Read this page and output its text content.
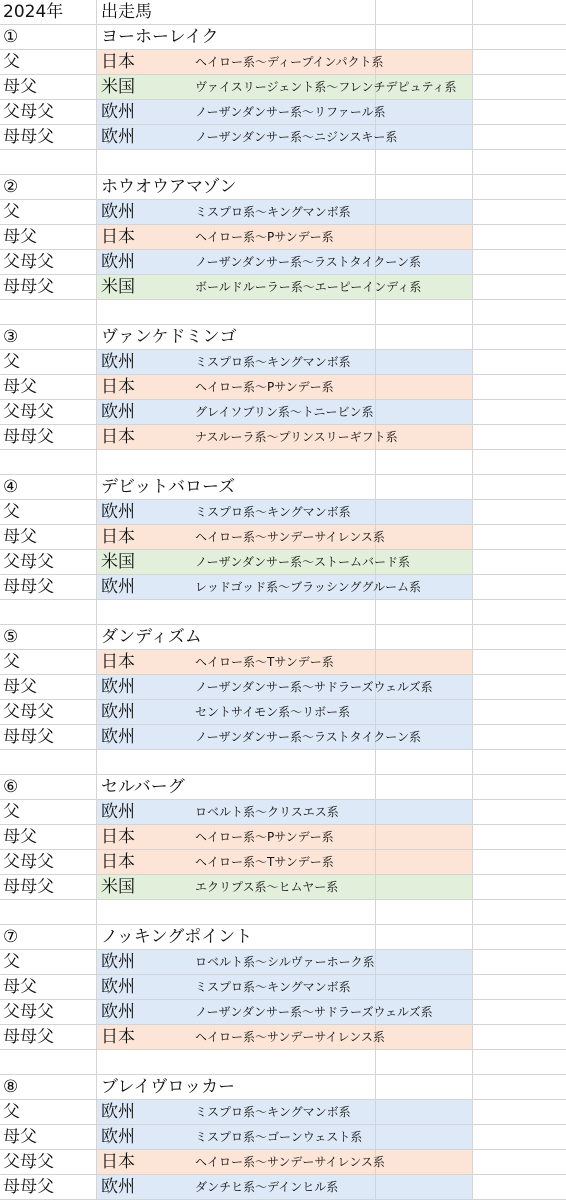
2024年	出走馬
①	ヨーホーレイク
父	日本	ヘイロー系～ディープインパクト系
母父	米国	ヴァイスリージェント系～フレンチデピュティ系
父母父	欧州	ノーザンダンサー系～リファール系
母母父	欧州	ノーザンダンサー系～ニジンスキー系
②	ホウオウアマゾン
父	欧州	ミスプロ系～キングマンボ系
母父	日本	ヘイロー系～Pサンデー系
父母父	欧州	ノーザンダンサー系～ラストタイクーン系
母母父	米国	ボールドルーラー系～エーピーインディ系
③	ヴァンケドミンゴ
父	欧州	ミスプロ系～キングマンボ系
母父	日本	ヘイロー系～Pサンデー系
父母父	欧州	グレイソブリン系～トニービン系
母母父	日本	ナスルーラ系～プリンスリーギフト系
④	デビットバローズ
父	欧州	ミスプロ系～キングマンボ系
母父	日本	ヘイロー系～サンデーサイレンス系
父母父	米国	ノーザンダンサー系～ストームバード系
母母父	欧州	レッドゴッド系～ブラッシンググルーム系
⑤	ダンディズム
父	日本	ヘイロー系～Tサンデー系
母父	欧州	ノーザンダンサー系～サドラーズウェルズ系
父母父	欧州	セントサイモン系～リボー系
母母父	欧州	ノーザンダンサー系～ラストタイクーン系
⑥	セルバーグ
父	欧州	ロベルト系～クリスエス系
母父	日本	ヘイロー系～Pサンデー系
父母父	日本	ヘイロー系～Tサンデー系
母母父	米国	エクリプス系～ヒムヤー系
⑦	ノッキングポイント
父	欧州	ロベルト系～シルヴァーホーク系
母父	欧州	ミスプロ系～キングマンボ系
父母父	欧州	ノーザンダンサー系～サドラーズウェルズ系
母母父	日本	ヘイロー系～サンデーサイレンス系
⑧	ブレイヴロッカー
父	欧州	ミスプロ系～キングマンボ系
母父	欧州	ミスプロ系～ゴーンウェスト系
父母父	日本	ヘイロー系～サンデーサイレンス系
母母父	欧州	ダンチヒ系～デインヒル系
